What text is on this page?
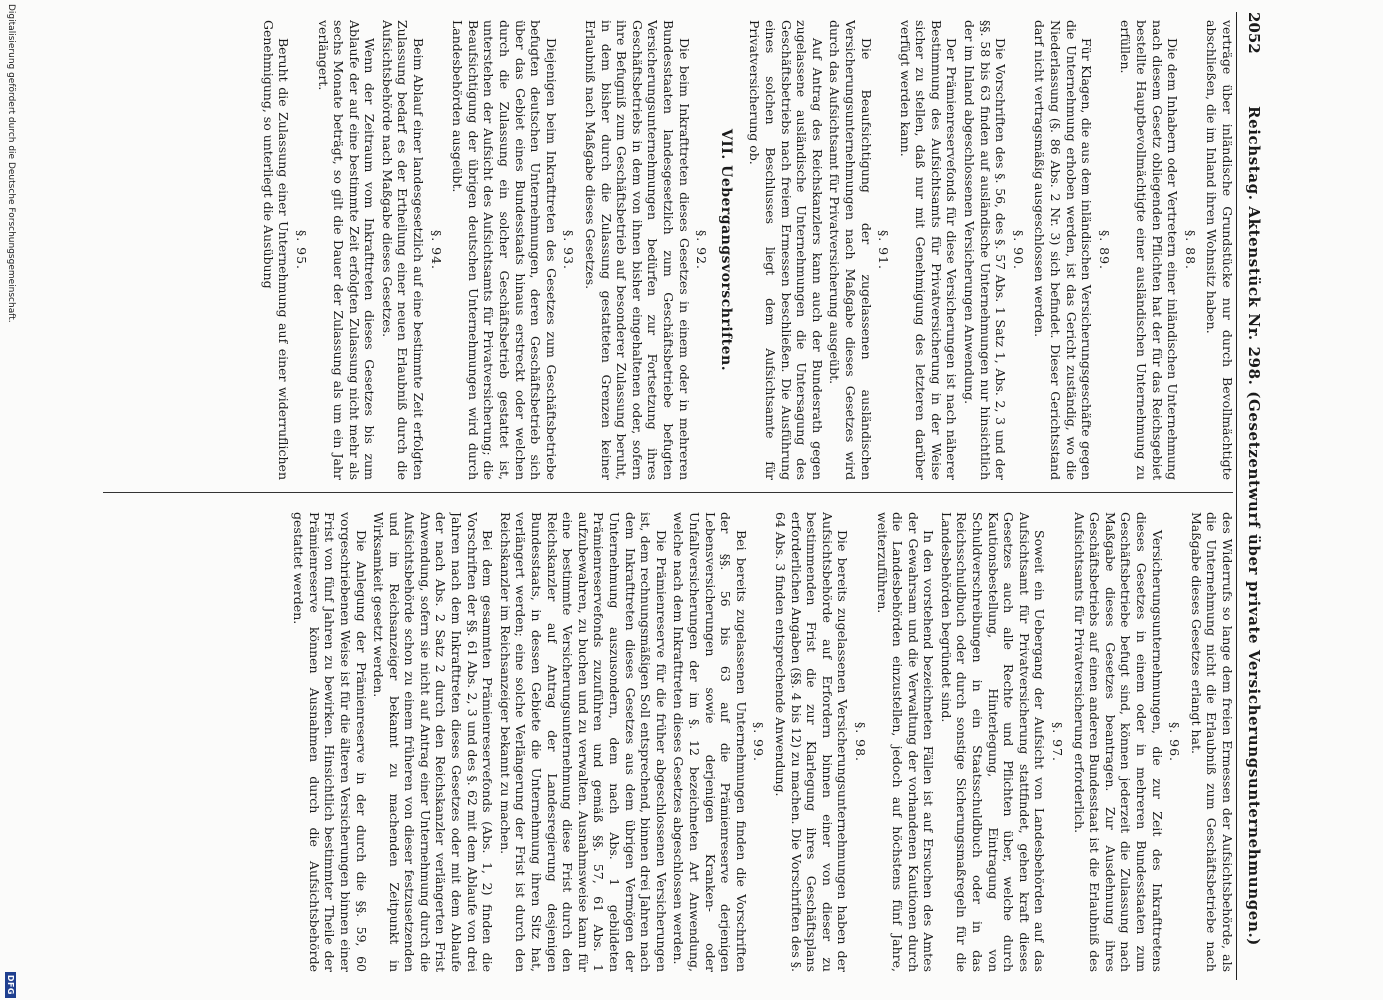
2052
Reichstag. Aktenstück Nr. 298. (Gesetzentwurf über private Versicherungsunternehmungen.)
verträge über inländische Grundstücke nur durch Bevollmächtigte abschließen, die im Inland ihren Wohnsitz haben.
§. 88.
Die dem Inhabern oder Vertretern einer inländischen Unternehmung nach diesem Gesetz obliegenden Pflichten hat der für das Reichsgebiet bestellte Hauptbevollmächtigte einer ausländischen Unternehmung zu erfüllen.
§. 89.
Für Klagen, die aus dem inländischen Versicherungsgeschäfte gegen die Unternehmung erhoben werden, ist das Gericht zuständig, wo die Niederlassung (§. 86 Abs. 2 Nr. 3) sich befindet. Dieser Gerichtsstand darf nicht vertragsmäßig ausgeschlossen werden.
§. 90.
Die Vorschriften des §. 56, des §. 57 Abs. 1 Satz 1, Abs. 2, 3 und der §§. 58 bis 63 finden auf ausländische Unternehmungen nur hinsichtlich der im Inland abgeschlossenen Versicherungen Anwendung.
Der Prämienreservefonds für diese Versicherungen ist nach näherer Bestimmung des Aufsichtsamts für Privatversicherung in der Weise sicher zu stellen, daß nur mit Genehmigung des letzteren darüber verfügt werden kann.
§. 91.
Die Beaufsichtigung der zugelassenen ausländischen Versicherungsunternehmungen nach Maßgabe dieses Gesetzes wird durch das Aufsichtsamt für Privatversicherung ausgeübt.
Auf Antrag des Reichskanzlers kann auch der Bundesrath gegen zugelassene ausländische Unternehmungen die Untersagung des Geschäftsbetriebs nach freiem Ermessen beschließen. Die Ausführung eines solchen Beschlusses liegt dem Aufsichtsamte für Privatversicherung ob.
VII. Uebergangsvorschriften.
§. 92.
Die beim Inkrafttreten dieses Gesetzes in einem oder in mehreren Bundesstaaten landesgesetzlich zum Geschäftsbetriebe befugten Versicherungsunternehmungen bedürfen zur Fortsetzung ihres Geschäftsbetriebs in dem von ihnen bisher eingehaltenen oder, sofern ihre Befugniß zum Geschäftsbetrieb auf besonderer Zulassung beruht, in dem bisher durch die Zulassung gestatteten Grenzen keiner Erlaubniß nach Maßgabe dieses Gesetzes.
§. 93.
Diejenigen beim Inkrafttreten des Gesetzes zum Geschäftsbetriebe befugten deutschen Unternehmungen, deren Geschäftsbetrieb sich über das Gebiet eines Bundesstaats hinaus erstreckt oder welchen durch die Zulassung ein solcher Geschäftsbetrieb gestattet ist, unterstehen der Aufsicht des Aufsichtsamts für Privatversicherung; die Beaufsichtigung der übrigen deutschen Unternehmungen wird durch Landesbehörden ausgeübt.
§. 94.
Beim Ablauf einer landesgesetzlich auf eine bestimmte Zeit erfolgten Zulassung bedarf es der Ertheilung einer neuen Erlaubniß durch die Aufsichtsbehörde nach Maßgabe dieses Gesetzes.
Wenn der Zeitraum vom Inkrafttreten dieses Gesetzes bis zum Ablaufe der auf eine bestimmte Zeit erfolgten Zulassung nicht mehr als sechs Monate beträgt, so gilt die Dauer der Zulassung als um ein Jahr verlängert.
§. 95.
Beruht die Zulassung einer Unternehmung auf einer widerruflichen Genehmigung, so unterliegt die Ausübung
des Widerrufs so lange dem freien Ermessen der Aufsichtsbehörde, als die Unternehmung nicht die Erlaubniß zum Geschäftsbetriebe nach Maßgabe dieses Gesetzes erlangt hat.
§. 96.
Versicherungsunternehmungen, die zur Zeit des Inkrafttretens dieses Gesetzes in einem oder in mehreren Bundesstaaten zum Geschäftsbetriebe befugt sind, können jederzeit die Zulassung nach Maßgabe dieses Gesetzes beantragen. Zur Ausdehnung ihres Geschäftsbetriebs auf einen anderen Bundesstaat ist die Erlaubniß des Aufsichtsamts für Privatversicherung erforderlich.
§. 97.
Soweit ein Uebergang der Aufsicht von Landesbehörden auf das Aufsichtsamt für Privatversicherung stattfindet, gehen kraft dieses Gesetzes auch alle Rechte und Pflichten über, welche durch Kautionsbestellung, Hinterlegung, Eintragung von Schuldverschreibungen in ein Staatsschuldbuch oder in das Reichsschuldbuch oder durch sonstige Sicherungsmaßregeln für die Landesbehörden begründet sind.
In den vorstehend bezeichneten Fällen ist auf Ersuchen des Amtes der Gewahrsam und die Verwaltung der vorhandenen Kautionen durch die Landesbehörden einzustellen, jedoch auf höchstens fünf Jahre, weiterzuführen.
§. 98.
Die bereits zugelassenen Versicherungsunternehmungen haben der Aufsichtsbehörde auf Erfordern binnen einer von dieser zu bestimmenden Frist die zur Klarlegung ihres Geschäftsplans erforderlichen Angaben (§§. 4 bis 12) zu machen. Die Vorschriften des §. 64 Abs. 3 finden entsprechende Anwendung.
§. 99.
Bei bereits zugelassenen Unternehmungen finden die Vorschriften der §§. 56 bis 63 auf die Prämienreserve derjenigen Lebensversicherungen sowie derjenigen Kranken- oder Unfallversicherungen der im §. 12 bezeichneten Art Anwendung, welche nach dem Inkrafttreten dieses Gesetzes abgeschlossen werden.
Die Prämienreserve für die früher abgeschlossenen Versicherungen ist, dem rechnungsmäßigen Soll entsprechend, binnen drei Jahren nach dem Inkrafttreten dieses Gesetzes aus dem übrigen Vermögen der Unternehmung auszusondern, dem nach Abs. 1 gebildeten Prämienreservefonds zuzuführen und gemäß §§. 57, 61 Abs. 1 aufzubewahren, zu buchen und zu verwalten. Ausnahmsweise kann für eine bestimmte Versicherungsunternehmung diese Frist durch den Reichskanzler auf Antrag der Landesregierung desjenigen Bundesstaats, in dessen Gebiete die Unternehmung ihren Sitz hat, verlängert werden; eine solche Verlängerung der Frist ist durch den Reichskanzler im Reichsanzeiger bekannt zu machen.
Bei dem gesammten Prämienreservefonds (Abs. 1, 2) finden die Vorschriften der §§. 61 Abs. 2, 3 und des §. 62 mit dem Ablaufe von drei Jahren nach dem Inkrafttreten dieses Gesetzes oder mit dem Ablaufe der nach Abs. 2 Satz 2 durch den Reichskanzler verlängerten Frist Anwendung, sofern sie nicht auf Antrag einer Unternehmung durch die Aufsichtsbehörde schon zu einem früheren von dieser festzusetzenden und im Reichsanzeiger bekannt zu machenden Zeitpunkt in Wirksamkeit gesetzt werden.
Die Anlegung der Prämienreserve in der durch die §§. 59, 60 vorgeschriebenen Weise ist für die älteren Versicherungen binnen einer Frist von fünf Jahren zu bewirken. Hinsichtlich bestimmter Theile der Prämienreserve können Ausnahmen durch die Aufsichtsbehörde gestattet werden.
Digitalisierung gefördert durch die Deutsche Forschungsgemeinschaft.
DFG
